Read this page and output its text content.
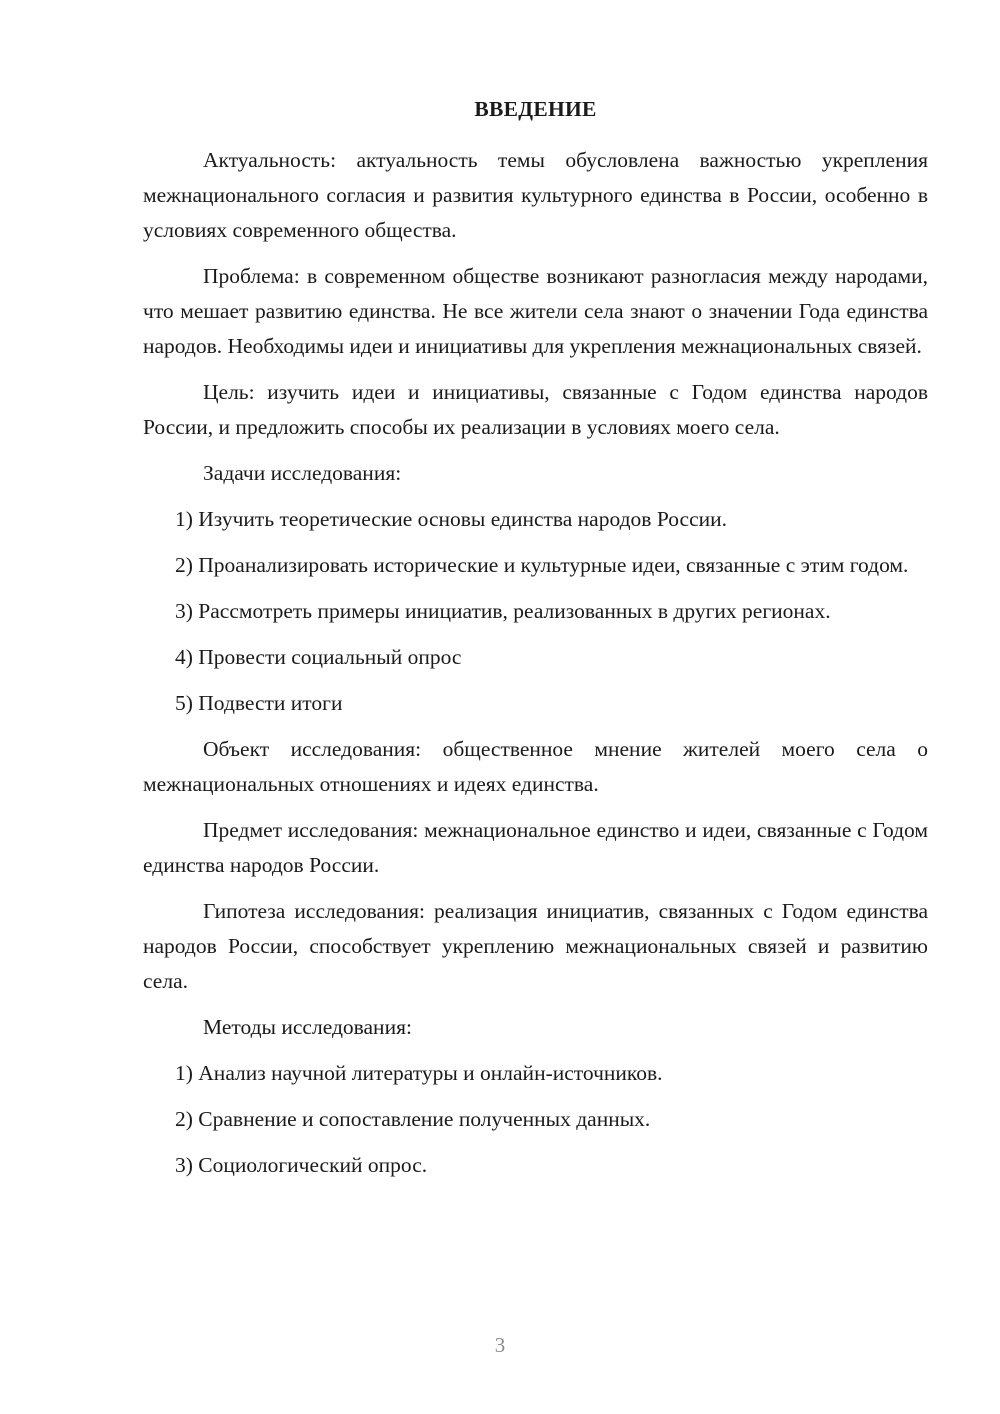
ВВЕДЕНИЕ

Актуальность: актуальность темы обусловлена важностью укрепления межнационального согласия и развития культурного единства в России, особенно в условиях современного общества.

Проблема: в современном обществе возникают разногласия между народами, что мешает развитию единства. Не все жители села знают о значении Года единства народов. Необходимы идеи и инициативы для укрепления межнациональных связей.

Цель: изучить идеи и инициативы, связанные с Годом единства народов России, и предложить способы их реализации в условиях моего села.

Задачи исследования:

1) Изучить теоретические основы единства народов России.

2) Проанализировать исторические и культурные идеи, связанные с этим годом.

3) Рассмотреть примеры инициатив, реализованных в других регионах.

4) Провести социальный опрос

5) Подвести итоги

Объект исследования: общественное мнение жителей моего села о межнациональных отношениях и идеях единства.

Предмет исследования: межнациональное единство и идеи, связанные с Годом единства народов России.

Гипотеза исследования: реализация инициатив, связанных с Годом единства народов России, способствует укреплению межнациональных связей и развитию села.

Методы исследования:

1) Анализ научной литературы и онлайн-источников.

2) Сравнение и сопоставление полученных данных.

3) Социологический опрос.

3
